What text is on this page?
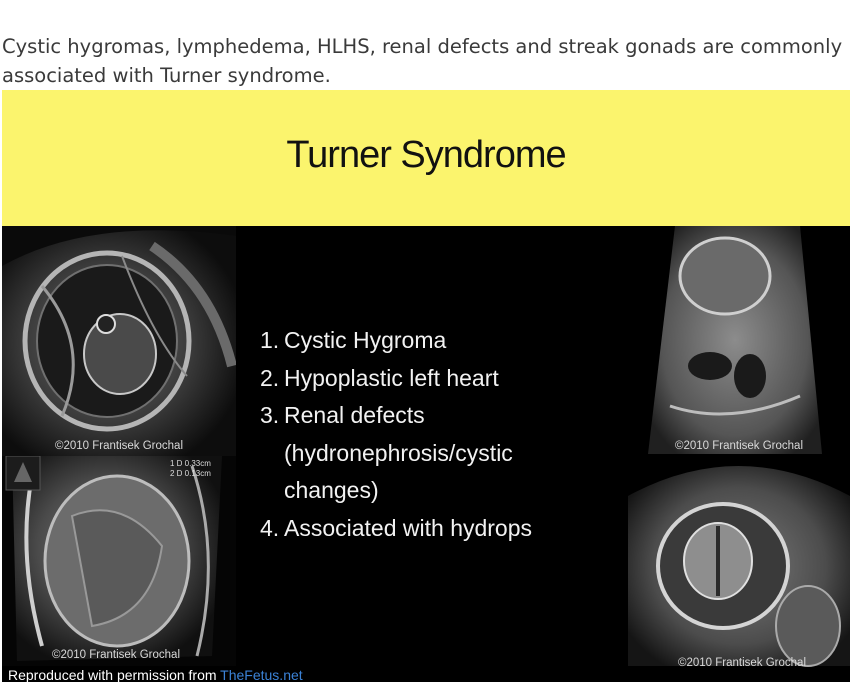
Cystic hygromas, lymphedema, HLHS, renal defects and streak gonads are commonly associated with Turner syndrome.

Turner Syndrome
©2010 Frantisek Grochal
1 D 0.33cm
2 D 0.13cm
©2010 Frantisek Grochal
©2010 Frantisek Grochal
©2010 Frantisek Grochal
1. Cystic Hygroma
2. Hypoplastic left heart
3. Renal defects (hydronephrosis/cystic changes)
4. Associated with hydrops
Reproduced with permission from TheFetus.net
